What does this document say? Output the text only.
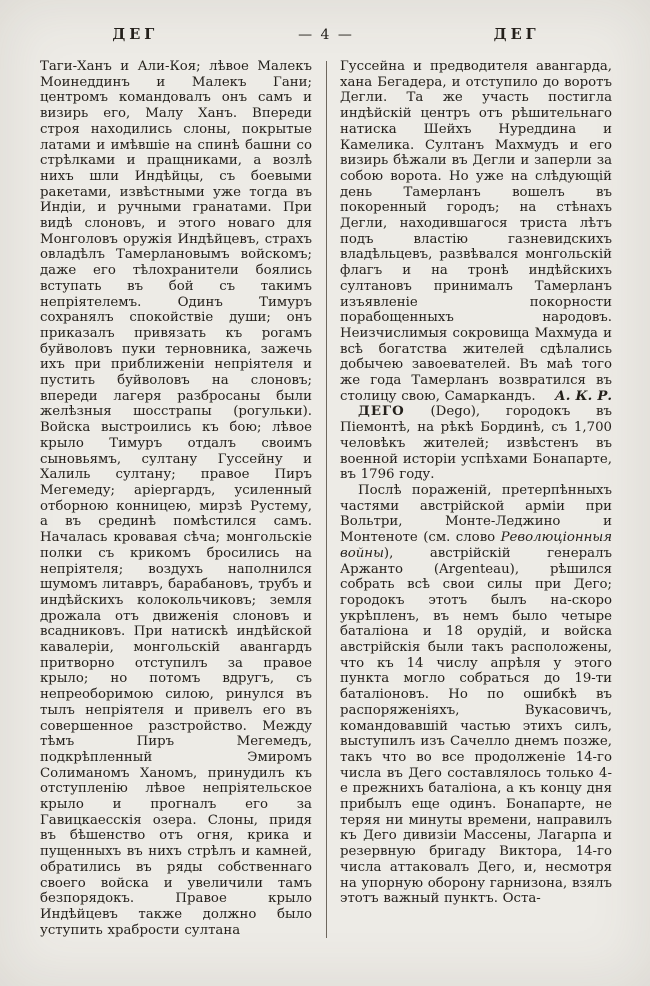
ДЕГ	— 4 —	ДЕГ

Таги-Ханъ и Али-Коя; лѣвое Малекъ Моинеддинъ и Малекъ Гани; центромъ командовалъ онъ самъ и визирь его, Малу Ханъ. Впереди строя находились слоны, покрытые латами и имѣвшіе на спинѣ башни со стрѣлками и пращниками, а возлѣ нихъ шли Индѣйцы, съ боевыми ракетами, извѣстными уже тогда въ Индіи, и ручными гранатами. При видѣ слоновъ, и этого новаго для Монголовъ оружія Индѣйцевъ, страхъ овладѣлъ Тамерлановымъ войскомъ; даже его тѣлохранители боялись вступать въ бой съ такимъ непріятелемъ. Одинъ Тимуръ сохранялъ спокойствіе души; онъ приказалъ привязать къ рогамъ буйволовъ пуки терновника, зажечь ихъ при приближеніи непріятеля и пустить буйволовъ на слоновъ; впереди лагеря разбросаны были желѣзныя шосстрапы (рогульки). Войска выстроились къ бою; лѣвое крыло Тимуръ отдалъ своимъ сыновьямъ, султану Гуссейну и Халиль султану; правое Пиръ Мегемеду; аріергардъ, усиленный отборною конницею, мирзѣ Рустему, а въ срединѣ помѣстился самъ. Началась кровавая сѣча; монгольскіе полки съ крикомъ бросились на непріятеля; воздухъ наполнился шумомъ литавръ, барабановъ, трубъ и индѣйскихъ колокольчиковъ; земля дрожала отъ движенія слоновъ и всадниковъ. При натискѣ индѣйской кавалеріи, монгольскій авангардъ притворно отступилъ за правое крыло; но потомъ вдругъ, съ непреоборимою силою, ринулся въ тылъ непріятеля и привелъ его въ совершенное разстройство. Между тѣмъ Пиръ Мегемедъ, подкрѣпленный Эмиромъ Солиманомъ Ханомъ, принудилъ къ отступленію лѣвое непріятельское крыло и прогналъ его за Гавицкаесскія озера. Слоны, придя въ бѣшенство отъ огня, крика и пущенныхъ въ нихъ стрѣлъ и камней, обратились въ ряды собственнаго своего войска и увеличили тамъ безпорядокъ. Правое крыло Индѣйцевъ также должно было уступить храбрости султана

Гуссейна и предводителя авангарда, хана Бегадера, и отступило до воротъ Дегли. Та же участь постигла индѣйскій центръ отъ рѣшительнаго натиска Шейхъ Нуреддина и Камелика. Султанъ Махмудъ и его визирь бѣжали въ Дегли и заперли за собою ворота. Но уже на слѣдующій день Тамерланъ вошелъ въ покоренный городъ; на стѣнахъ Дегли, находившагося триста лѣтъ подъ властію газневидскихъ владѣльцевъ, развѣвался монгольскій флагъ и на тронѣ индѣйскихъ султановъ принималъ Тамерланъ изъявленіе покорности порабощенныхъ народовъ. Неизчислимыя сокровища Махмуда и всѣ богатства жителей сдѣлались добычею завоевателей. Въ маѣ того же года Тамерланъ возвратился въ столицу свою, Самаркандъ.	А. К. Р.

ДЕГО (Dego), городокъ въ Піемонтѣ, на рѣкѣ Бординѣ, съ 1,700 человѣкъ жителей; извѣстенъ въ военной исторіи успѣхами Бонапарте, въ 1796 году.

Послѣ пораженій, претерпѣнныхъ частями австрійской арміи при Вольтри, Монте-Леджино и Монтеноте (см. слово Революціонныя войны), австрійскій генералъ Аржанто (Argenteau), рѣшился собрать всѣ свои силы при Дего; городокъ этотъ былъ на-скоро укрѣпленъ, въ немъ было четыре баталіона и 18 орудій, и войска австрійскія были такъ расположены, что къ 14 числу апрѣля у этого пункта могло собраться до 19-ти баталіоновъ. Но по ошибкѣ въ распоряженіяхъ, Вукасовичъ, командовавшій частью этихъ силъ, выступилъ изъ Сачелло днемъ позже, такъ что во все продолженіе 14-го числа въ Дего составлялось только 4-е прежнихъ баталіона, а къ концу дня прибылъ еще одинъ. Бонапарте, не теряя ни минуты времени, направилъ къ Дего дивизіи Массены, Лагарпа и резервную бригаду Виктора, 14-го числа аттаковалъ Дего, и, несмотря на упорную оборону гарнизона, взялъ этотъ важный пунктъ. Оста-
